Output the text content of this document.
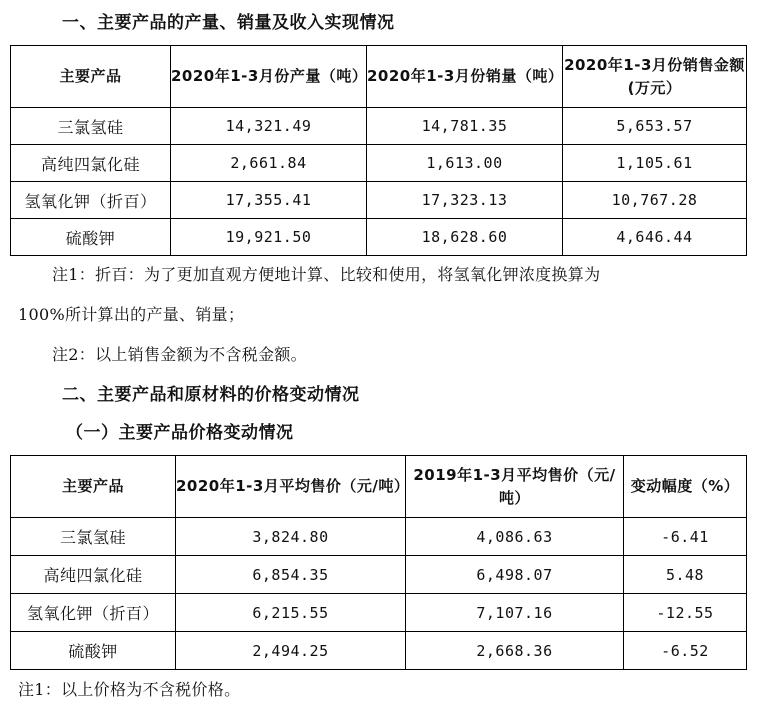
一、主要产品的产量、销量及收入实现情况
主要产品	2020年1-3月份产量（吨）	2020年1-3月份销量（吨）	2020年1-3月份销售金额(万元）
三氯氢硅	14,321.49	14,781.35	5,653.57
高纯四氯化硅	2,661.84	1,613.00	1,105.61
氢氧化钾（折百）	17,355.41	17,323.13	10,767.28
硫酸钾	19,921.50	18,628.60	4,646.44
注1：折百：为了更加直观方便地计算、比较和使用，将氢氧化钾浓度换算为
100%所计算出的产量、销量；
注2：以上销售金额为不含税金额。
二、主要产品和原材料的价格变动情况
（一）主要产品价格变动情况
主要产品	2020年1-3月平均售价（元/吨）	2019年1-3月平均售价（元/吨）	变动幅度（%）
三氯氢硅	3,824.80	4,086.63	-6.41
高纯四氯化硅	6,854.35	6,498.07	5.48
氢氧化钾（折百）	6,215.55	7,107.16	-12.55
硫酸钾	2,494.25	2,668.36	-6.52
注1：以上价格为不含税价格。
